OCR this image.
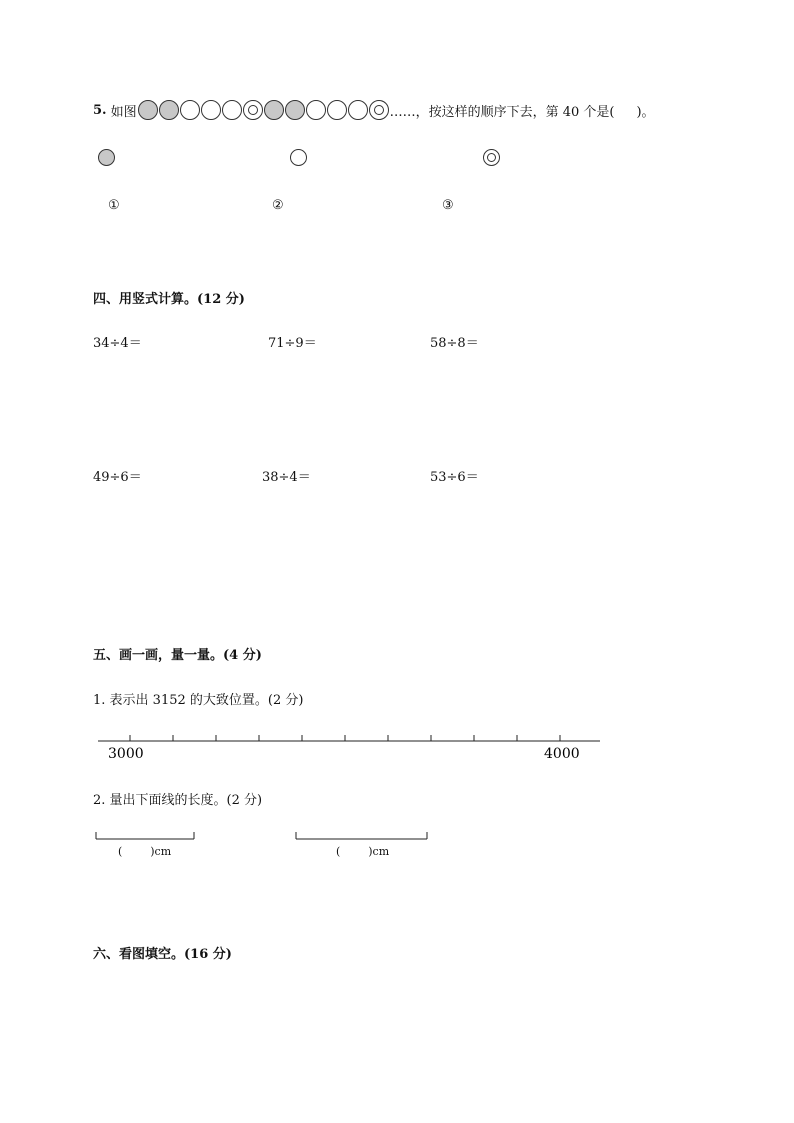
5. 如图	……，按这样的顺序下去，第 40 个是( )。

①	②	③
四、用竖式计算。(12 分)
34÷4＝	71÷9＝	58÷8＝
49÷6＝	38÷4＝	53÷6＝
五、画一画，量一量。(4 分)
1. 表示出 3152 的大致位置。(2 分)
3000	4000
2. 量出下面线的长度。(2 分)
(        )cm	(        )cm
六、看图填空。(16 分)
